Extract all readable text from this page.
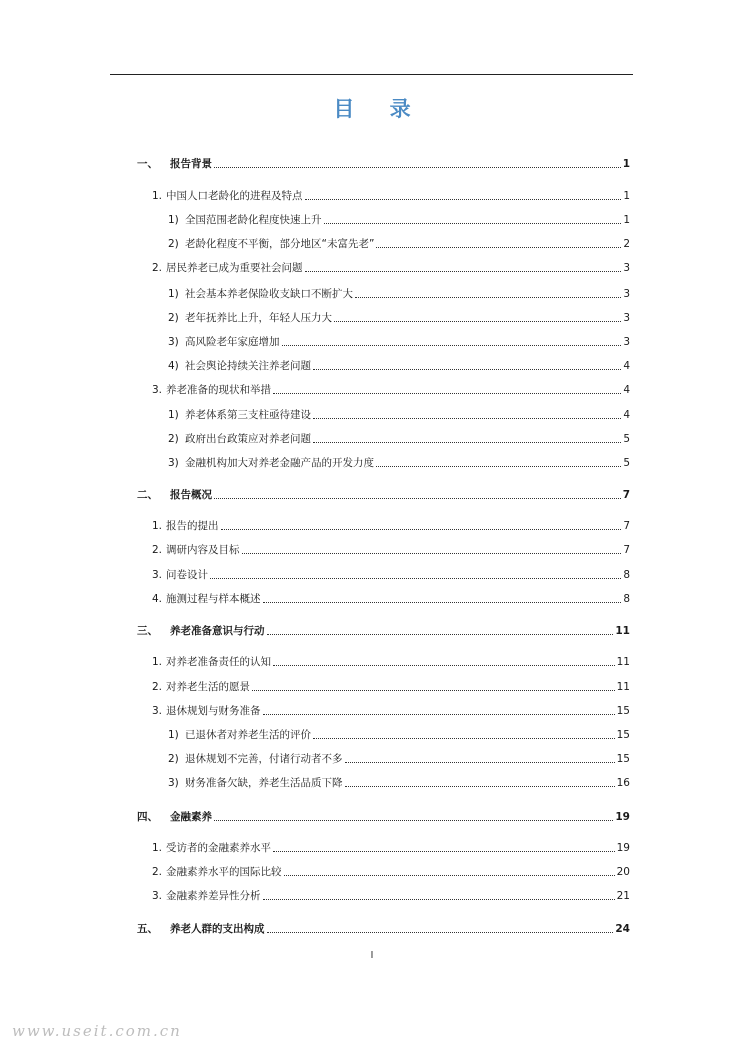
目 录
一、	报告背景	1
1. 中国人口老龄化的进程及特点	1
1) 全国范围老龄化程度快速上升	1
2) 老龄化程度不平衡，部分地区“未富先老”	2
2. 居民养老已成为重要社会问题	3
1) 社会基本养老保险收支缺口不断扩大	3
2) 老年抚养比上升，年轻人压力大	3
3) 高风险老年家庭增加	3
4) 社会舆论持续关注养老问题	4
3. 养老准备的现状和举措	4
1) 养老体系第三支柱亟待建设	4
2) 政府出台政策应对养老问题	5
3) 金融机构加大对养老金融产品的开发力度	5
二、	报告概况	7
1. 报告的提出	7
2. 调研内容及目标	7
3. 问卷设计	8
4. 施测过程与样本概述	8
三、	养老准备意识与行动	11
1. 对养老准备责任的认知	11
2. 对养老生活的愿景	11
3. 退休规划与财务准备	15
1) 已退休者对养老生活的评价	15
2) 退休规划不完善，付诸行动者不多	15
3) 财务准备欠缺，养老生活品质下降	16
四、	金融素养	19
1. 受访者的金融素养水平	19
2. 金融素养水平的国际比较	20
3. 金融素养差异性分析	21
五、	养老人群的支出构成	24
I
www.useit.com.cn
